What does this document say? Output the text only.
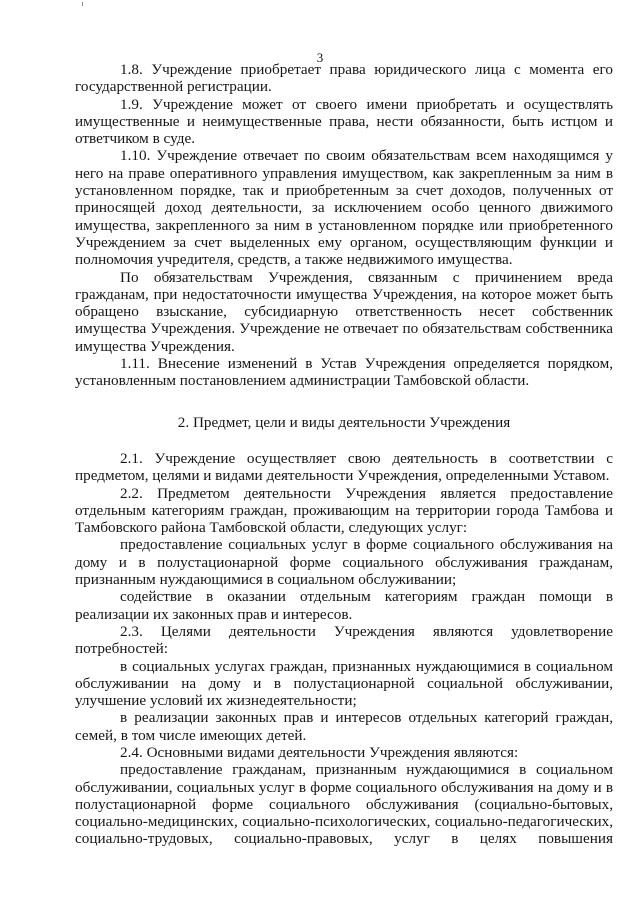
3

1.8. Учреждение приобретает права юридического лица с момента его государственной регистрации.

1.9. Учреждение может от своего имени приобретать и осуществлять имущественные и неимущественные права, нести обязанности, быть истцом и ответчиком в суде.

1.10. Учреждение отвечает по своим обязательствам всем находящимся у него на праве оперативного управления имуществом, как закрепленным за ним в установленном порядке, так и приобретенным за счет доходов, полученных от приносящей доход деятельности, за исключением особо ценного движимого имущества, закрепленного за ним в установленном порядке или приобретенного Учреждением за счет выделенных ему органом, осуществляющим функции и полномочия учредителя, средств, а также недвижимого имущества.

По обязательствам Учреждения, связанным с причинением вреда гражданам, при недостаточности имущества Учреждения, на которое может быть обращено взыскание, субсидиарную ответственность несет собственник имущества Учреждения. Учреждение не отвечает по обязательствам собственника имущества Учреждения.

1.11. Внесение изменений в Устав Учреждения определяется порядком, установленным постановлением администрации Тамбовской области.

2. Предмет, цели и виды деятельности Учреждения

2.1. Учреждение осуществляет свою деятельность в соответствии с предметом, целями и видами деятельности Учреждения, определенными Уставом.

2.2. Предметом деятельности Учреждения является предоставление отдельным категориям граждан, проживающим на территории города Тамбова и Тамбовского района Тамбовской области, следующих услуг:

предоставление социальных услуг в форме социального обслуживания на дому и в полустационарной форме социального обслуживания гражданам, признанным нуждающимися в социальном обслуживании;

содействие в оказании отдельным категориям граждан помощи в реализации их законных прав и интересов.

2.3. Целями деятельности Учреждения являются удовлетворение потребностей:

в социальных услугах граждан, признанных нуждающимися в социальном обслуживании на дому и в полустационарной социальной обслуживании, улучшение условий их жизнедеятельности;

в реализации законных прав и интересов отдельных категорий граждан, семей, в том числе имеющих детей.

2.4. Основными видами деятельности Учреждения являются:

предоставление гражданам, признанным нуждающимися в социальном обслуживании, социальных услуг в форме социального обслуживания на дому и в полустационарной форме социального обслуживания (социально-бытовых, социально-медицинских, социально-психологических, социально-педагогических, социально-трудовых, социально-правовых, услуг в целях повышения
